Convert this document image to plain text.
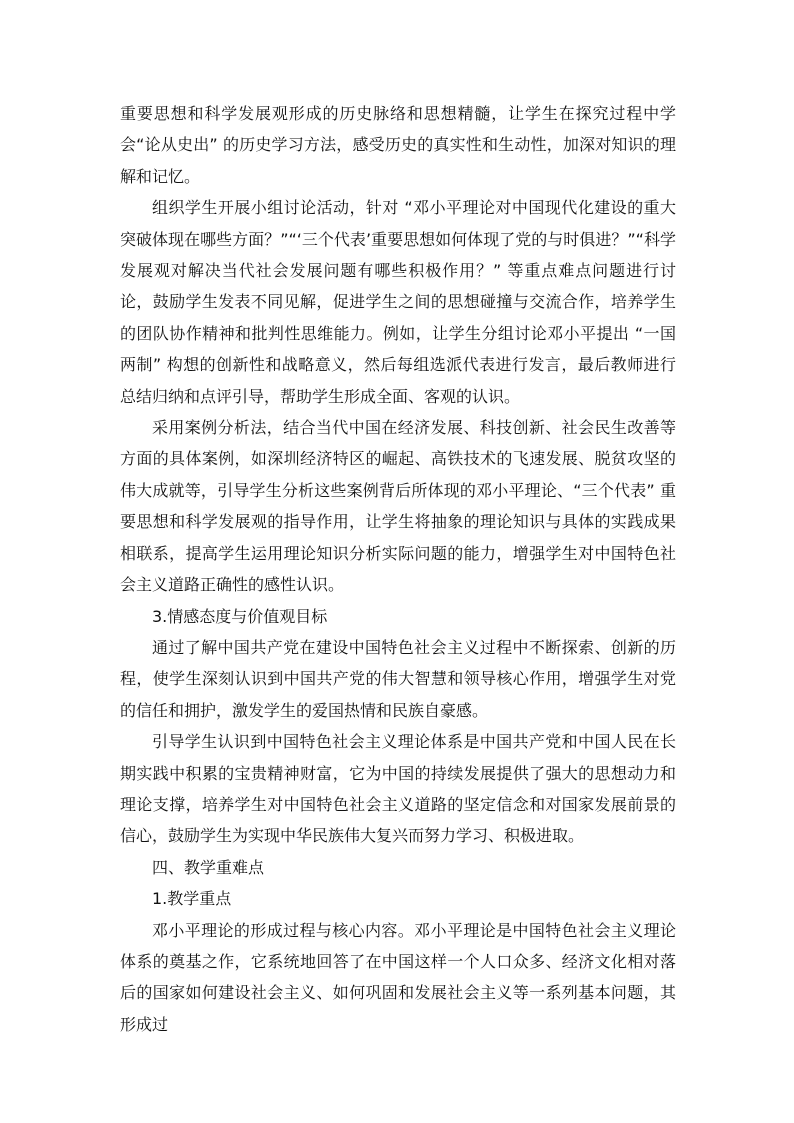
重要思想和科学发展观形成的历史脉络和思想精髓，让学生在探究过程中学会“论从史出” 的历史学习方法，感受历史的真实性和生动性，加深对知识的理解和记忆。

组织学生开展小组讨论活动，针对 “邓小平理论对中国现代化建设的重大突破体现在哪些方面？”“‘三个代表’重要思想如何体现了党的与时俱进？”“科学发展观对解决当代社会发展问题有哪些积极作用？” 等重点难点问题进行讨论，鼓励学生发表不同见解，促进学生之间的思想碰撞与交流合作，培养学生的团队协作精神和批判性思维能力。例如，让学生分组讨论邓小平提出 “一国两制” 构想的创新性和战略意义，然后每组选派代表进行发言，最后教师进行总结归纳和点评引导，帮助学生形成全面、客观的认识。

采用案例分析法，结合当代中国在经济发展、科技创新、社会民生改善等方面的具体案例，如深圳经济特区的崛起、高铁技术的飞速发展、脱贫攻坚的伟大成就等，引导学生分析这些案例背后所体现的邓小平理论、“三个代表” 重要思想和科学发展观的指导作用，让学生将抽象的理论知识与具体的实践成果相联系，提高学生运用理论知识分析实际问题的能力，增强学生对中国特色社会主义道路正确性的感性认识。

3.情感态度与价值观目标

通过了解中国共产党在建设中国特色社会主义过程中不断探索、创新的历程，使学生深刻认识到中国共产党的伟大智慧和领导核心作用，增强学生对党的信任和拥护，激发学生的爱国热情和民族自豪感。

引导学生认识到中国特色社会主义理论体系是中国共产党和中国人民在长期实践中积累的宝贵精神财富，它为中国的持续发展提供了强大的思想动力和理论支撑，培养学生对中国特色社会主义道路的坚定信念和对国家发展前景的信心，鼓励学生为实现中华民族伟大复兴而努力学习、积极进取。

四、教学重难点

1.教学重点

邓小平理论的形成过程与核心内容。邓小平理论是中国特色社会主义理论体系的奠基之作，它系统地回答了在中国这样一个人口众多、经济文化相对落后的国家如何建设社会主义、如何巩固和发展社会主义等一系列基本问题，其形成过
